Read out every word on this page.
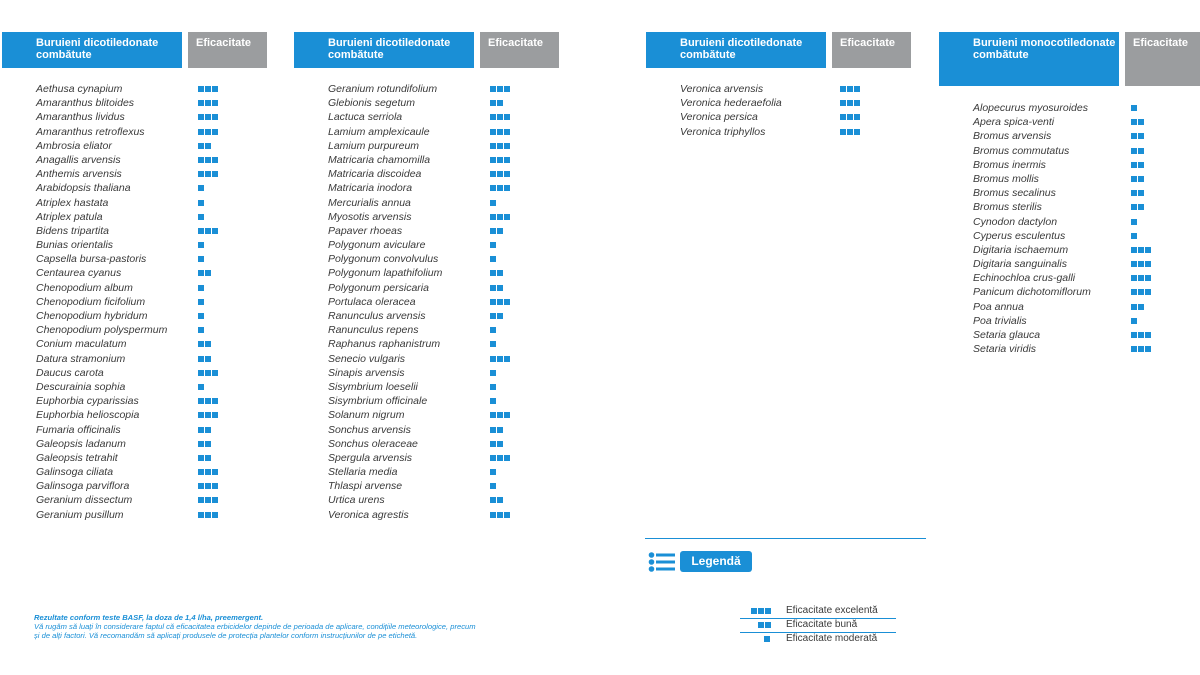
Buruieni dicotiledonate combătute
Eficacitate
Aethusa cynapium
Amaranthus blitoides
Amaranthus lividus
Amaranthus retroflexus
Ambrosia eliator
Anagallis arvensis
Anthemis arvensis
Arabidopsis thaliana
Atriplex hastata
Atriplex patula
Bidens tripartita
Bunias orientalis
Capsella bursa-pastoris
Centaurea cyanus
Chenopodium album
Chenopodium ficifolium
Chenopodium hybridum
Chenopodium polyspermum
Conium maculatum
Datura stramonium
Daucus carota
Descurainia sophia
Euphorbia cyparissias
Euphorbia helioscopia
Fumaria officinalis
Galeopsis ladanum
Galeopsis tetrahit
Galinsoga ciliata
Galinsoga parviflora
Geranium dissectum
Geranium pusillum
Buruieni dicotiledonate combătute
Eficacitate
Geranium rotundifolium
Glebionis segetum
Lactuca serriola
Lamium amplexicaule
Lamium purpureum
Matricaria chamomilla
Matricaria discoidea
Matricaria inodora
Mercurialis annua
Myosotis arvensis
Papaver rhoeas
Polygonum aviculare
Polygonum convolvulus
Polygonum lapathifolium
Polygonum persicaria
Portulaca oleracea
Ranunculus arvensis
Ranunculus repens
Raphanus raphanistrum
Senecio vulgaris
Sinapis arvensis
Sisymbrium loeselii
Sisymbrium officinale
Solanum nigrum
Sonchus arvensis
Sonchus oleraceae
Spergula arvensis
Stellaria media
Thlaspi arvense
Urtica urens
Veronica agrestis
Buruieni dicotiledonate combătute
Eficacitate
Veronica arvensis
Veronica hederaefolia
Veronica persica
Veronica triphyllos
Buruieni monocotiledonate combătute
Eficacitate
Alopecurus myosuroides
Apera spica-venti
Bromus arvensis
Bromus commutatus
Bromus inermis
Bromus mollis
Bromus secalinus
Bromus sterilis
Cynodon dactylon
Cyperus esculentus
Digitaria ischaemum
Digitaria sanguinalis
Echinochloa crus-galli
Panicum dichotomiflorum
Poa annua
Poa trivialis
Setaria glauca
Setaria viridis
Legendă
Eficacitate excelentă
Eficacitate bună
Eficacitate moderată
Rezultate conform teste BASF, la doza de 1,4 l/ha, preemergent.
Vă rugăm să luați în considerare faptul că eficacitatea erbicidelor depinde de perioada de aplicare, condițiile meteorologice, precum
și de alți factori. Vă recomandăm să aplicați produsele de protecția plantelor conform instrucțiunilor de pe etichetă.
